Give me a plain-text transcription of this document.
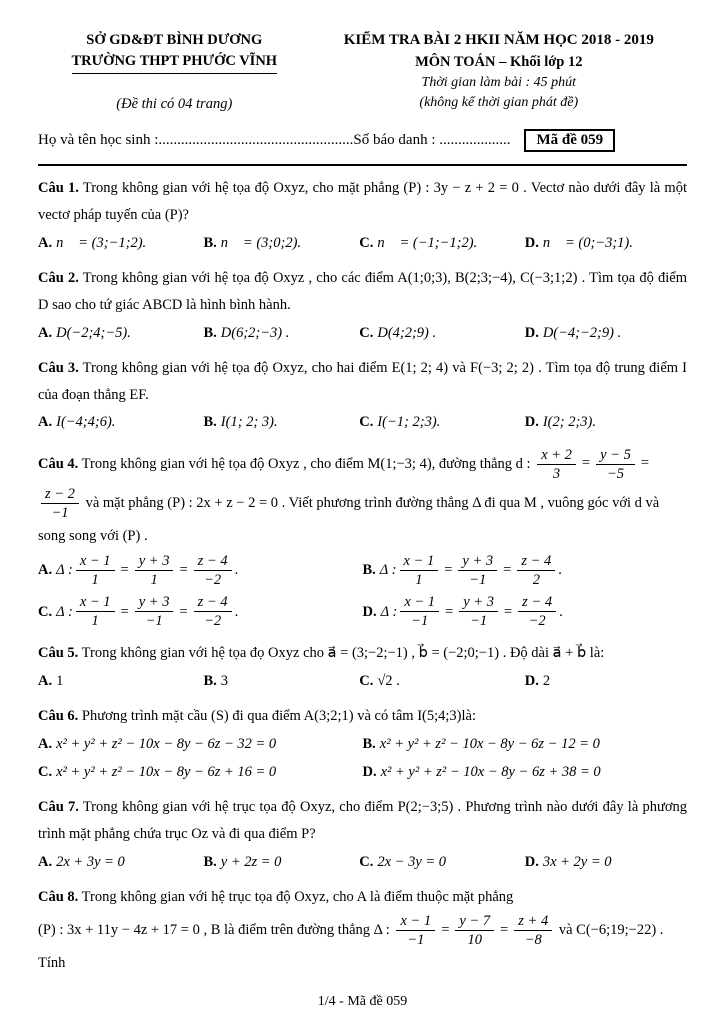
SỞ GD&ĐT BÌNH DƯƠNG
TRƯỜNG THPT PHƯỚC VĨNH
(Đề thi có 04 trang)
KIỂM TRA BÀI 2 HKII NĂM HỌC 2018 - 2019
MÔN TOÁN – Khối lớp 12
Thời gian làm bài : 45 phút
(không kể thời gian phát đề)
Họ và tên học sinh :.................................................... Số báo danh : ...................	Mã đề 059

Câu 1. Trong không gian với hệ tọa độ Oxyz, cho mặt phẳng (P) : 3y − z + 2 = 0 . Vectơ nào dưới đây là một vectơ pháp tuyến của (P)?

A. n⃗ = (3;−1;2).	B. n⃗ = (3;0;2).	C. n⃗ = (−1;−1;2).	D. n⃗ = (0;−3;1).

Câu 2. Trong không gian với hệ tọa độ Oxyz , cho các điểm A(1;0;3), B(2;3;−4), C(−3;1;2) . Tìm tọa độ điểm D sao cho tứ giác ABCD là hình bình hành.

A. D(−2;4;−5).	B. D(6;2;−3) .	C. D(4;2;9) .	D. D(−4;−2;9) .

Câu 3. Trong không gian với hệ tọa độ Oxyz, cho hai điểm E(1; 2; 4) và F(−3; 2; 2) . Tìm tọa độ trung điểm I của đoạn thẳng EF.

A. I(−4;4;6).	B. I(1; 2; 3).	C. I(−1; 2;3).	D. I(2; 2;3).

Câu 4. Trong không gian với hệ tọa độ Oxyz , cho điểm M(1;−3; 4), đường thẳng d : $\frac{x + 2}{3} = \frac{y - 5}{-5}$ =
$\frac{z - 2}{-1}$ và mặt phẳng (P) : 2x + z − 2 = 0 . Viết phương trình đường thẳng Δ đi qua M , vuông góc với d và song song với (P) .

A. Δ : $\frac{x - 1}{1} = \frac{y + 3}{1} = \frac{z - 4}{-2}$ .	B. Δ : $\frac{x - 1}{1} = \frac{y + 3}{-1} = \frac{z - 4}{2}$ .
C. Δ : $\frac{x - 1}{1} = \frac{y + 3}{-1} = \frac{z - 4}{-2}$ .	D. Δ : $\frac{x - 1}{-1} = \frac{y + 3}{-1} = \frac{z - 4}{-2}$ .

Câu 5. Trong không gian với hệ tọa đọ Oxyz cho a⃗ = (3;−2;−1) , b⃗ = (−2;0;−1) . Độ dài a⃗ + b⃗ là:

A. 1	B. 3	C. √2 .	D. 2

Câu 6. Phương trình mặt cầu (S) đi qua điểm A(3;2;1) và có tâm I(5;4;3)là:

A. x² + y² + z² − 10x − 8y − 6z − 32 = 0	B. x² + y² + z² − 10x − 8y − 6z − 12 = 0
C. x² + y² + z² − 10x − 8y − 6z + 16 = 0	D. x² + y² + z² − 10x − 8y − 6z + 38 = 0

Câu 7. Trong không gian với hệ trục tọa độ Oxyz, cho điểm P(2;−3;5) . Phương trình nào dưới đây là phương trình mặt phẳng chứa trục Oz và đi qua điểm P?

A. 2x + 3y = 0	B. y + 2z = 0	C. 2x − 3y = 0	D. 3x + 2y = 0

Câu 8. Trong không gian với hệ trục tọa độ Oxyz, cho A là điểm thuộc mặt phẳng
(P) : 3x + 11y − 4z + 17 = 0 , B là điểm trên đường thẳng Δ : $\frac{x - 1}{-1} = \frac{y - 7}{10} = \frac{z + 4}{-8}$ và C(−6;19;−22) . Tính

1/4 - Mã đề 059
